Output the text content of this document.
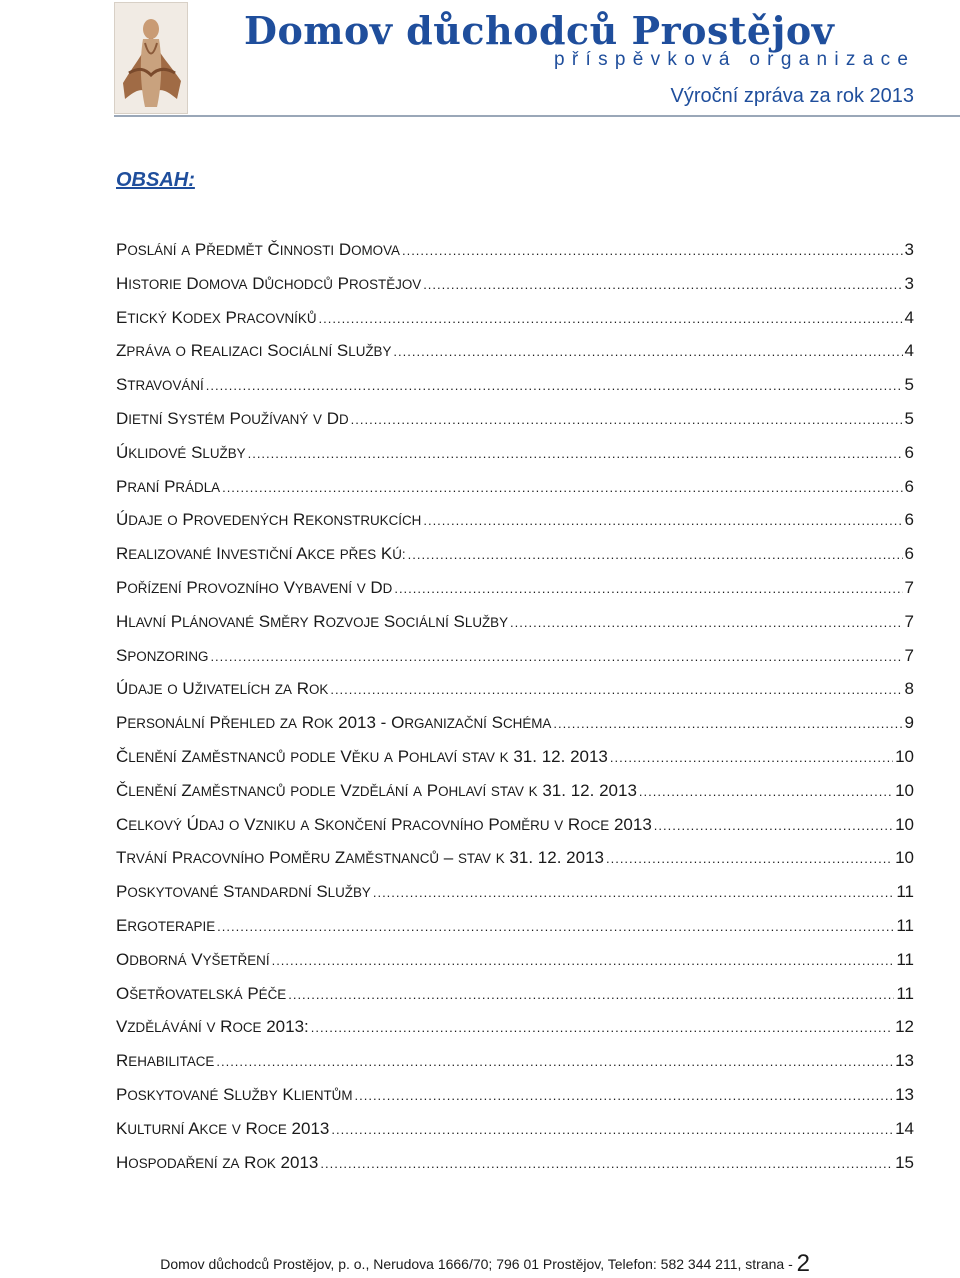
Domov důchodců Prostějov
příspěvková organizace
Výroční zpráva za rok 2013
OBSAH:
POSLÁNÍ A PŘEDMĚT ČINNOSTI DOMOVA .....	3
HISTORIE DOMOVA DŮCHODCŮ PROSTĚJOV .....	3
ETICKÝ KODEX PRACOVNÍKŮ .....	4
ZPRÁVA O REALIZACI SOCIÁLNÍ SLUŽBY .....	4
STRAVOVÁNÍ .....	5
DIETNÍ SYSTÉM POUŽÍVANÝ V DD .....	5
ÚKLIDOVÉ SLUŽBY .....	6
PRANÍ PRÁDLA .....	6
ÚDAJE O PROVEDENÝCH REKONSTRUKCÍCH .....	6
REALIZOVANÉ INVESTIČNÍ AKCE PŘES KÚ: .....	6
POŘÍZENÍ PROVOZNÍHO VYBAVENÍ V DD .....	7
HLAVNÍ PLÁNOVANÉ SMĚRY ROZVOJE SOCIÁLNÍ SLUŽBY .....	7
SPONZORING .....	7
ÚDAJE O UŽIVATELÍCH ZA ROK .....	8
PERSONÁLNÍ PŘEHLED ZA ROK 2013 - ORGANIZAČNÍ SCHÉMA .....	9
ČLENĚNÍ ZAMĚSTNANCŮ PODLE VĚKU A POHLAVÍ STAV K 31. 12. 2013 .....	10
ČLENĚNÍ ZAMĚSTNANCŮ PODLE VZDĚLÁNÍ A POHLAVÍ STAV K 31. 12. 2013 .....	10
CELKOVÝ ÚDAJ O VZNIKU A SKONČENÍ PRACOVNÍHO POMĚRU V ROCE 2013 .....	10
TRVÁNÍ PRACOVNÍHO POMĚRU ZAMĚSTNANCŮ – STAV K 31. 12. 2013 .....	10
POSKYTOVANÉ STANDARDNÍ SLUŽBY .....	11
ERGOTERAPIE .....	11
ODBORNÁ VYŠETŘENÍ .....	11
OŠETŘOVATELSKÁ PÉČE .....	11
VZDĚLÁVÁNÍ V ROCE 2013: .....	12
REHABILITACE .....	13
POSKYTOVANÉ SLUŽBY KLIENTŮM .....	13
KULTURNÍ AKCE V ROCE 2013 .....	14
HOSPODAŘENÍ ZA ROK 2013 .....	15
Domov důchodců Prostějov, p. o., Nerudova 1666/70; 796 01 Prostějov, Telefon: 582 344 211, strana - 2
